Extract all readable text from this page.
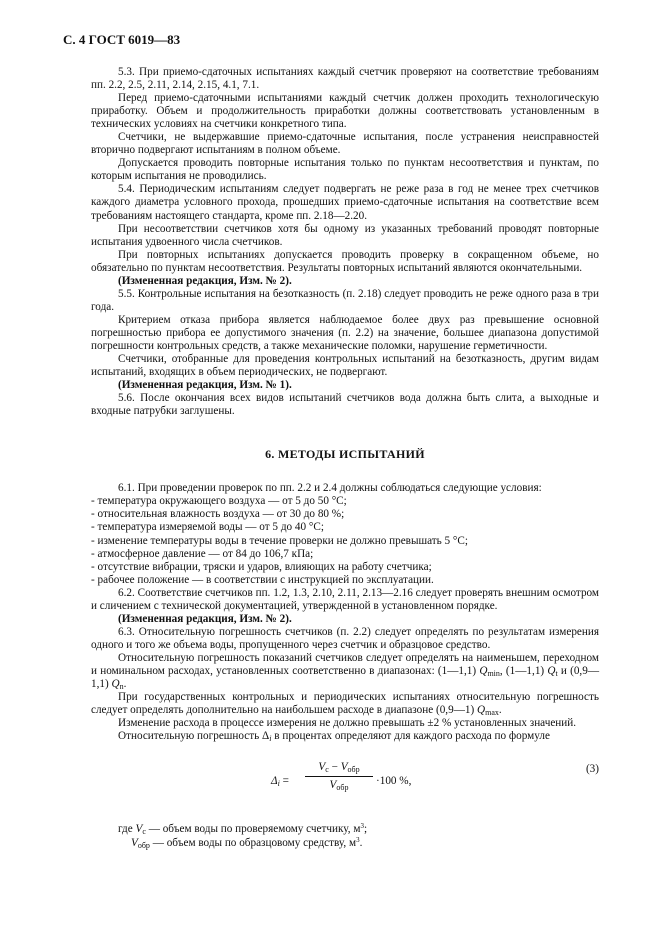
С. 4 ГОСТ 6019—83

5.3. При приемо-сдаточных испытаниях каждый счетчик проверяют на соответствие требованиям пп. 2.2, 2.5, 2.11, 2.14, 2.15, 4.1, 7.1.

Перед приемо-сдаточными испытаниями каждый счетчик должен проходить технологическую приработку. Объем и продолжительность приработки должны соответствовать установленным в технических условиях на счетчики конкретного типа.

Счетчики, не выдержавшие приемо-сдаточные испытания, после устранения неисправностей вторично подвергают испытаниям в полном объеме.

Допускается проводить повторные испытания только по пунктам несоответствия и пунктам, по которым испытания не проводились.

5.4. Периодическим испытаниям следует подвергать не реже раза в год не менее трех счетчиков каждого диаметра условного прохода, прошедших приемо-сдаточные испытания на соответствие всем требованиям настоящего стандарта, кроме пп. 2.18—2.20.

При несоответствии счетчиков хотя бы одному из указанных требований проводят повторные испытания удвоенного числа счетчиков.

При повторных испытаниях допускается проводить проверку в сокращенном объеме, но обязательно по пунктам несоответствия. Результаты повторных испытаний являются окончательными.

(Измененная редакция, Изм. № 2).

5.5. Контрольные испытания на безотказность (п. 2.18) следует проводить не реже одного раза в три года.

Критерием отказа прибора является наблюдаемое более двух раз превышение основной погрешностью прибора ее допустимого значения (п. 2.2) на значение, большее диапазона допустимой погрешности контрольных средств, а также механические поломки, нарушение герметичности.

Счетчики, отобранные для проведения контрольных испытаний на безотказность, другим видам испытаний, входящих в объем периодических, не подвергают.

(Измененная редакция, Изм. № 1).

5.6. После окончания всех видов испытаний счетчиков вода должна быть слита, а выходные и входные патрубки заглушены.

6. МЕТОДЫ ИСПЫТАНИЙ

6.1. При проведении проверок по пп. 2.2 и 2.4 должны соблюдаться следующие условия:

- температура окружающего воздуха — от 5 до 50 °С;

- относительная влажность воздуха — от 30 до 80 %;

- температура измеряемой воды — от 5 до 40 °С;

- изменение температуры воды в течение проверки не должно превышать 5 °С;

- атмосферное давление — от 84 до 106,7 кПа;

- отсутствие вибрации, тряски и ударов, влияющих на работу счетчика;

- рабочее положение — в соответствии с инструкцией по эксплуатации.

6.2. Соответствие счетчиков пп. 1.2, 1.3, 2.10, 2.11, 2.13—2.16 следует проверять внешним осмотром и сличением с технической документацией, утвержденной в установленном порядке.

(Измененная редакция, Изм. № 2).

6.3. Относительную погрешность счетчиков (п. 2.2) следует определять по результатам измерения одного и того же объема воды, пропущенного через счетчик и образцовое средство.

Относительную погрешность показаний счетчиков следует определять на наименьшем, переходном и номинальном расходах, установленных соответственно в диапазонах: (1—1,1) Qmin, (1—1,1) Qt и (0,9—1,1) Qn.

При государственных контрольных и периодических испытаниях относительную погрешность следует определять дополнительно на наибольшем расходе в диапазоне (0,9—1) Qmax.

Изменение расхода в процессе измерения не должно превышать ±2 % установленных значений.

Относительную погрешность Δi в процентах определяют для каждого расхода по формуле

Δi =
Vc − Vобр
Vобр
·100 %,
(3)

где Vc — объем воды по проверяемому счетчику, $м^3$;

Vобр — объем воды по образцовому средству, $м^3$.
